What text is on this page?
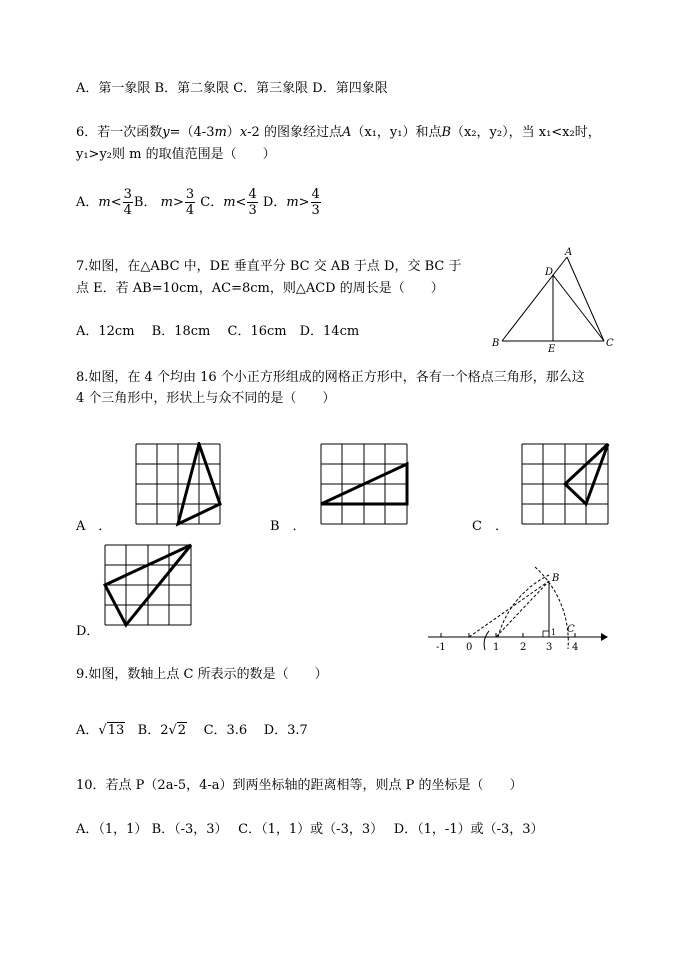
A．第一象限 B．第二象限 C．第三象限 D．第四象限
6．若一次函数y=（4-3m）x-2 的图象经过点A（x₁，y₁）和点B（x₂，y₂），当 x₁<x₂时，
y₁>y₂则 m 的取值范围是（　　）
A．$m< \frac{3}{4}$ B． $m> \frac{3}{4}$ C．$m< \frac{4}{3}$ D．$m> \frac{4}{3}$
7.如图，在△ABC 中，DE 垂直平分 BC 交 AB 于点 D，交 BC 于
点 E．若 AB=10cm，AC=8cm，则△ACD 的周长是（　　）
A．12cm　 B．18cm　 C．16cm　D．14cm
A
D
B
E
C
8.如图，在 4 个均由 16 个小正方形组成的网格正方形中，各有一个格点三角形，那么这
4 个三角形中，形状上与众不同的是（　　）
A　．	B　．	C　．
D．
B
C
1
-1 0 1 2 3 4
9.如图，数轴上点 C 所表示的数是（　　）
A．√13 B．2√2 C．3.6 D．3.7
10．若点 P（2a-5，4-a）到两坐标轴的距离相等，则点 P 的坐标是（　　）
A．（1，1） B．（-3，3）　 C．（1，1）或（-3，3）　 D．（1，-1）或（-3，3）
